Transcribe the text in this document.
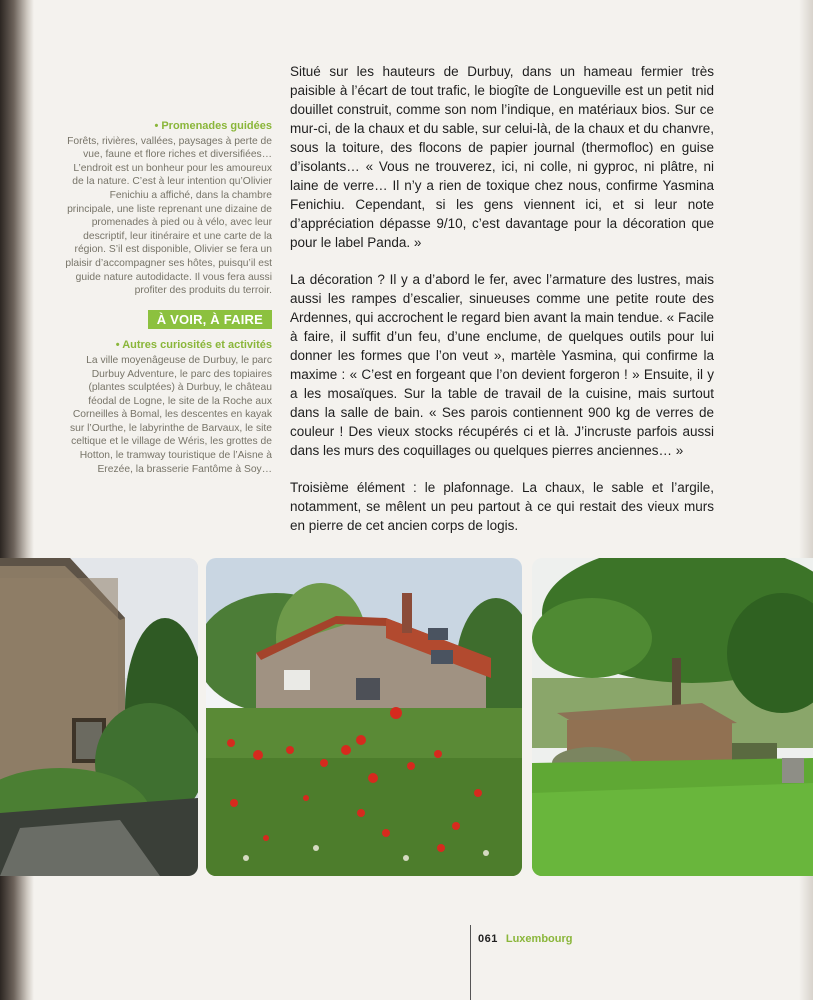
• Promenades guidées

Forêts, rivières, vallées, paysages à perte de vue, faune et flore riches et diversifiées… L’endroit est un bonheur pour les amoureux de la nature. C’est à leur intention qu’Olivier Fenichiu a affiché, dans la chambre principale, une liste reprenant une dizaine de promenades à pied ou à vélo, avec leur descriptif, leur itinéraire et une carte de la région. S’il est disponible, Olivier se fera un plaisir d’accompagner ses hôtes, puisqu’il est guide nature autodidacte. Il vous fera aussi profiter des produits du terroir.

À VOIR, À FAIRE
• Autres curiosités et activités

La ville moyenâgeuse de Durbuy, le parc Durbuy Adventure, le parc des topiaires (plantes sculptées) à Durbuy, le château féodal de Logne, le site de la Roche aux Corneilles à Bomal, les descentes en kayak sur l’Ourthe, le labyrinthe de Barvaux, le site celtique et le village de Wéris, les grottes de Hotton, le tramway touristique de l’Aisne à Erezée, la brasserie Fantôme à Soy…

Situé sur les hauteurs de Durbuy, dans un hameau fermier très paisible à l’écart de tout trafic, le biogîte de Longueville est un petit nid douillet construit, comme son nom l’indique, en matériaux bios. Sur ce mur-ci, de la chaux et du sable, sur celui-là, de la chaux et du chanvre, sous la toiture, des flocons de papier journal (thermofloc) en guise d’isolants… « Vous ne trouverez, ici, ni colle, ni gyproc, ni plâtre, ni laine de verre… Il n’y a rien de toxique chez nous, confirme Yasmina Fenichiu. Cependant, si les gens viennent ici, et si leur note d’appréciation dépasse 9/10, c’est davantage pour la décoration que pour le label Panda. »

La décoration ? Il y a d’abord le fer, avec l’armature des lustres, mais aussi les rampes d’escalier, sinueuses comme une petite route des Ardennes, qui accrochent le regard bien avant la main tendue. « Facile à faire, il suffit d’un feu, d’une enclume, de quelques outils pour lui donner les formes que l’on veut », martèle Yasmina, qui confirme la maxime : « C’est en forgeant que l’on devient forgeron ! » Ensuite, il y a les mosaïques. Sur la table de travail de la cuisine, mais surtout dans la salle de bain. « Ses parois contiennent 900 kg de verres de couleur ! Des vieux stocks récupérés ci et là. J’incruste parfois aussi dans les murs des coquillages ou quelques pierres anciennes… »

Troisième élément : le plafonnage. La chaux, le sable et l’argile, notamment, se mêlent un peu partout à ce qui restait des vieux murs en pierre de cet ancien corps de logis.

061 Luxembourg
